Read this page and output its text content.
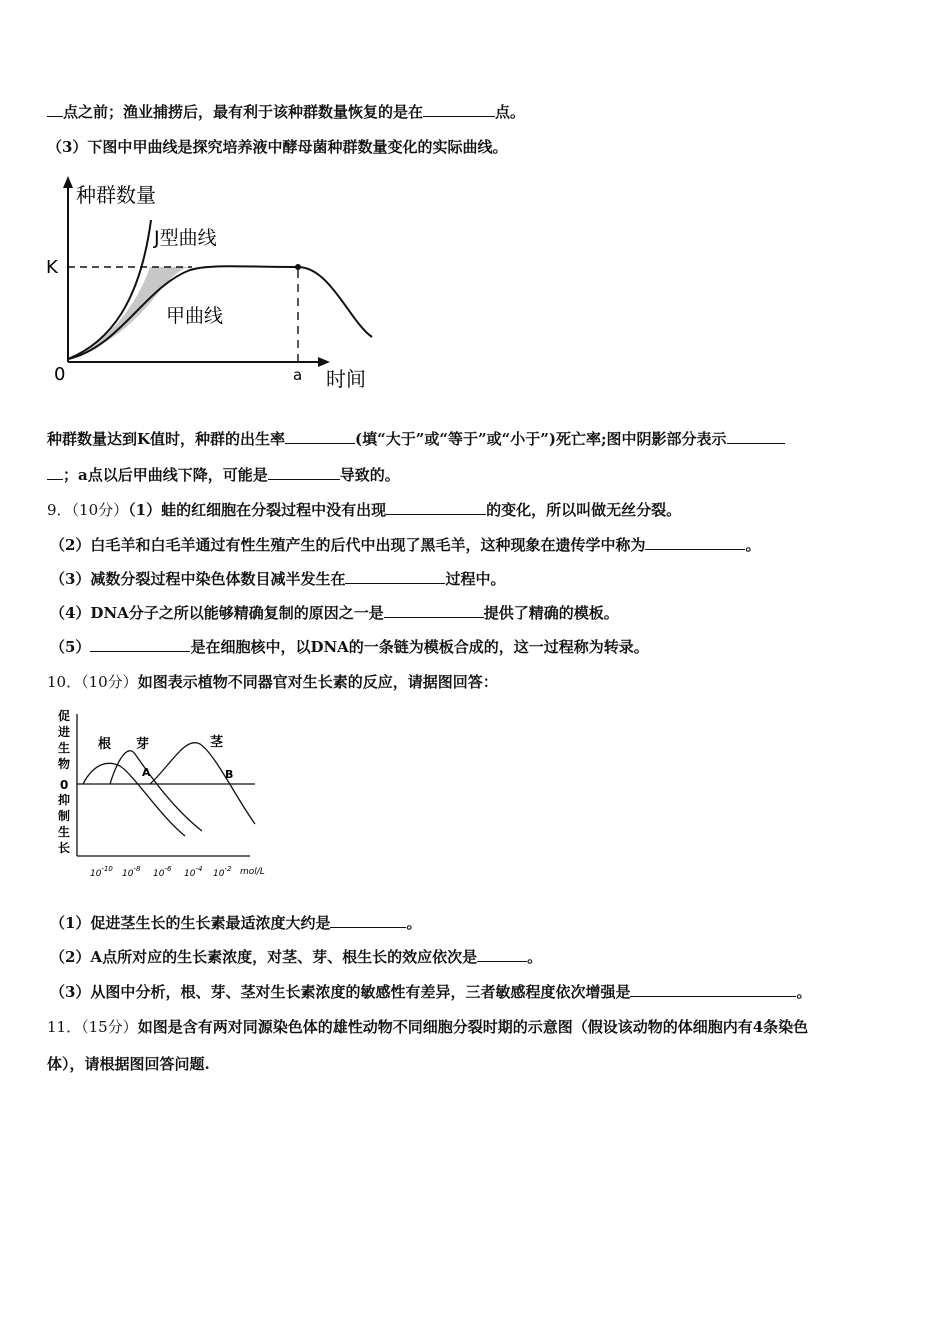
点之前；渔业捕捞后，最有利于该种群数量恢复的是在	点。
（3）下图中甲曲线是探究培养液中酵母菌种群数量变化的实际曲线。
种群数量
J型曲线
甲曲线
K
0	a 时间
种群数量达到K值时，种群的出生率	(填“大于”或“等于”或“小于”)死亡率;图中阴影部分表示
；a点以后甲曲线下降，可能是	导致的。
9．（10分）（1）蛙的红细胞在分裂过程中没有出现	的变化，所以叫做无丝分裂。
（2）白毛羊和白毛羊通过有性生殖产生的后代中出现了黑毛羊，这种现象在遗传学中称为	。
（3）减数分裂过程中染色体数目减半发生在	过程中。
（4）DNA分子之所以能够精确复制的原因之一是	提供了精确的模板。
（5）	是在细胞核中，以DNA的一条链为模板合成的，这一过程称为转录。
10．（10分）如图表示植物不同器官对生长素的反应，请据图回答：
促
进
生
物
0
抑
制
生
长
根 芽	茎
A	B
$10^{-10}$ $10^{-8}$ $10^{-6}$ $10^{-4}$ $10^{-2}$ mol/L
（1）促进茎生长的生长素最适浓度大约是	。
（2）A点所对应的生长素浓度，对茎、芽、根生长的效应依次是	。
（3）从图中分析，根、芽、茎对生长素浓度的敏感性有差异，三者敏感程度依次增强是	。
11．（15分）如图是含有两对同源染色体的雄性动物不同细胞分裂时期的示意图（假设该动物的体细胞内有4条染色
体），请根据图回答问题.
